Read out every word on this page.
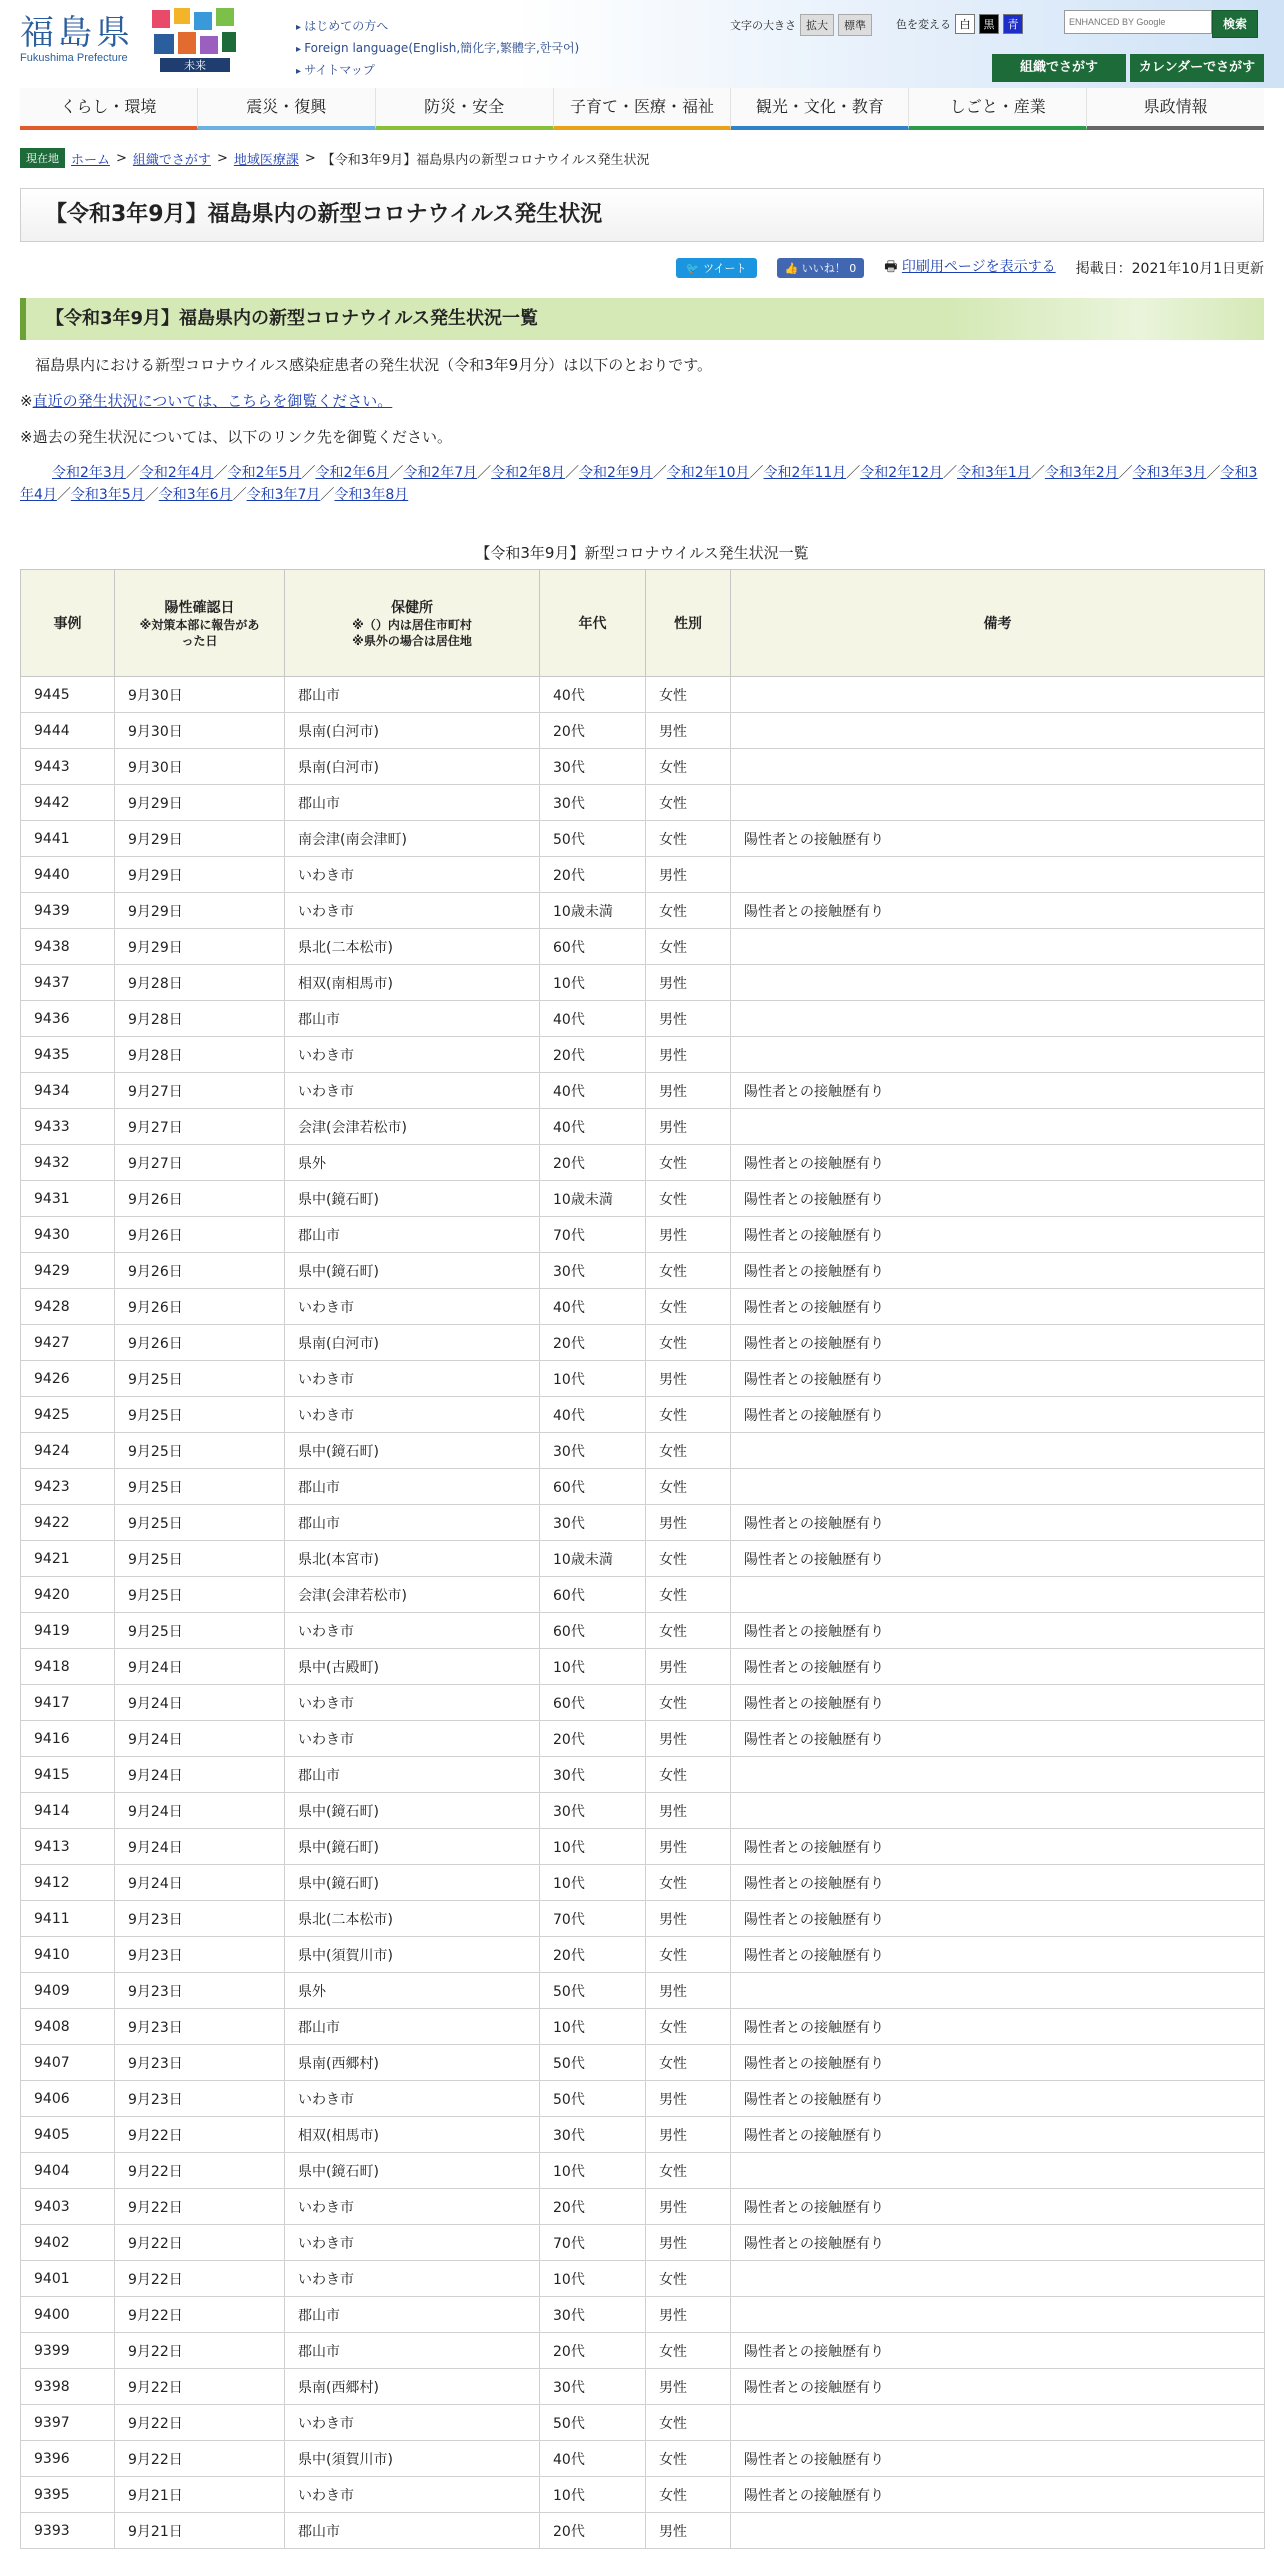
福島県
Fukushima Prefecture
未来
▸ はじめての方へ
▸ Foreign language(English,簡化字,繁體字,한국어)
▸ サイトマップ
文字の大きさ 拡大	標準	色を変える 白	黒	青
ENHANCED BY Google	検索
組織でさがす	カレンダーでさがす
くらし・環境	震災・復興	防災・安全	子育て・医療・福祉	観光・文化・教育	しごと・産業	県政情報
現在地 ホーム > 組織でさがす > 地域医療課 > 【令和3年9月】福島県内の新型コロナウイルス発生状況
【令和3年9月】福島県内の新型コロナウイルス発生状況
🐦 ツイート	👍 いいね！ 0	🖶 印刷用ページを表示する 掲載日：2021年10月1日更新
【令和3年9月】福島県内の新型コロナウイルス発生状況一覧

　福島県内における新型コロナウイルス感染症患者の発生状況（令和3年9月分）は以下のとおりです。

※直近の発生状況については、こちらを御覧ください。

※過去の発生状況については、以下のリンク先を御覧ください。

令和2年3月／令和2年4月／令和2年5月／令和2年6月／令和2年7月／令和2年8月／令和2年9月／令和2年10月／令和2年11月／令和2年12月／令和3年1月／令和3年2月／令和3年3月／令和3年4月／令和3年5月／令和3年6月／令和3年7月／令和3年8月
【令和3年9月】新型コロナウイルス発生状況一覧
事例	陽性確認日
※対策本部に報告があ
った日	保健所
※（）内は居住市町村
※県外の場合は居住地	年代	性別	備考
9445	9月30日	郡山市	40代	女性	
9444	9月30日	県南(白河市)	20代	男性	
9443	9月30日	県南(白河市)	30代	女性	
9442	9月29日	郡山市	30代	女性	
9441	9月29日	南会津(南会津町)	50代	女性	陽性者との接触歴有り
9440	9月29日	いわき市	20代	男性	
9439	9月29日	いわき市	10歳未満	女性	陽性者との接触歴有り
9438	9月29日	県北(二本松市)	60代	女性	
9437	9月28日	相双(南相馬市)	10代	男性	
9436	9月28日	郡山市	40代	男性	
9435	9月28日	いわき市	20代	男性	
9434	9月27日	いわき市	40代	男性	陽性者との接触歴有り
9433	9月27日	会津(会津若松市)	40代	男性	
9432	9月27日	県外	20代	女性	陽性者との接触歴有り
9431	9月26日	県中(鏡石町)	10歳未満	女性	陽性者との接触歴有り
9430	9月26日	郡山市	70代	男性	陽性者との接触歴有り
9429	9月26日	県中(鏡石町)	30代	女性	陽性者との接触歴有り
9428	9月26日	いわき市	40代	女性	陽性者との接触歴有り
9427	9月26日	県南(白河市)	20代	女性	陽性者との接触歴有り
9426	9月25日	いわき市	10代	男性	陽性者との接触歴有り
9425	9月25日	いわき市	40代	女性	陽性者との接触歴有り
9424	9月25日	県中(鏡石町)	30代	女性	
9423	9月25日	郡山市	60代	女性	
9422	9月25日	郡山市	30代	男性	陽性者との接触歴有り
9421	9月25日	県北(本宮市)	10歳未満	女性	陽性者との接触歴有り
9420	9月25日	会津(会津若松市)	60代	女性	
9419	9月25日	いわき市	60代	女性	陽性者との接触歴有り
9418	9月24日	県中(古殿町)	10代	男性	陽性者との接触歴有り
9417	9月24日	いわき市	60代	女性	陽性者との接触歴有り
9416	9月24日	いわき市	20代	男性	陽性者との接触歴有り
9415	9月24日	郡山市	30代	女性	
9414	9月24日	県中(鏡石町)	30代	男性	
9413	9月24日	県中(鏡石町)	10代	男性	陽性者との接触歴有り
9412	9月24日	県中(鏡石町)	10代	女性	陽性者との接触歴有り
9411	9月23日	県北(二本松市)	70代	男性	陽性者との接触歴有り
9410	9月23日	県中(須賀川市)	20代	女性	陽性者との接触歴有り
9409	9月23日	県外	50代	男性	
9408	9月23日	郡山市	10代	女性	陽性者との接触歴有り
9407	9月23日	県南(西郷村)	50代	女性	陽性者との接触歴有り
9406	9月23日	いわき市	50代	男性	陽性者との接触歴有り
9405	9月22日	相双(相馬市)	30代	男性	陽性者との接触歴有り
9404	9月22日	県中(鏡石町)	10代	女性	
9403	9月22日	いわき市	20代	男性	陽性者との接触歴有り
9402	9月22日	いわき市	70代	男性	陽性者との接触歴有り
9401	9月22日	いわき市	10代	女性	
9400	9月22日	郡山市	30代	男性	
9399	9月22日	郡山市	20代	女性	陽性者との接触歴有り
9398	9月22日	県南(西郷村)	30代	男性	陽性者との接触歴有り
9397	9月22日	いわき市	50代	女性	
9396	9月22日	県中(須賀川市)	40代	女性	陽性者との接触歴有り
9395	9月21日	いわき市	10代	女性	陽性者との接触歴有り
9393	9月21日	郡山市	20代	男性	
